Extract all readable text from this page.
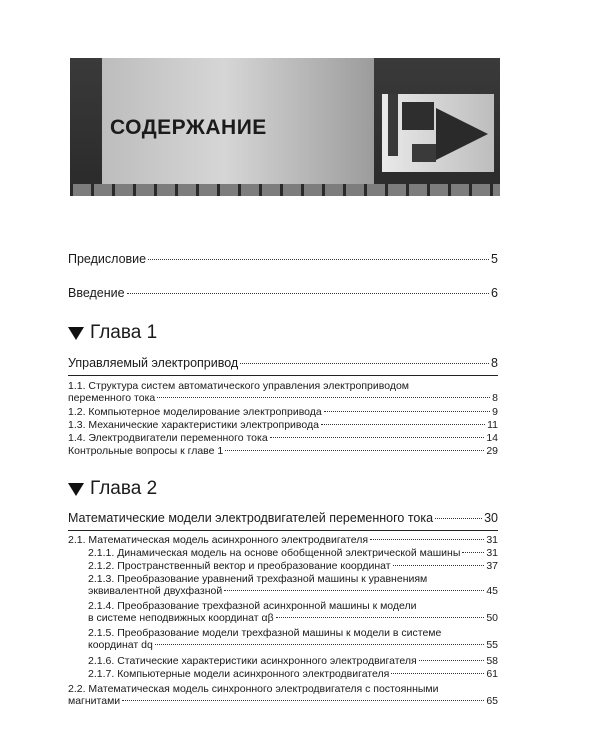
СОДЕРЖАНИЕ
Предисловие	5
Введение	6
Глава 1
Управляемый электропривод	8
1.1. Структура систем автоматического управления электроприводом
переменного тока	8
1.2. Компьютерное моделирование электропривода	9
1.3. Механические характеристики электропривода	11
1.4. Электродвигатели переменного тока	14
Контрольные вопросы к главе 1	29
Глава 2
Математические модели электродвигателей переменного тока	30
2.1. Математическая модель асинхронного электродвигателя	31
2.1.1. Динамическая модель на основе обобщенной электрической машины 31
2.1.2. Пространственный вектор и преобразование координат	37
2.1.3. Преобразование уравнений трехфазной машины к уравнениям
эквивалентной двухфазной	45
2.1.4. Преобразование трехфазной асинхронной машины к модели
в системе неподвижных координат αβ	50
2.1.5. Преобразование модели трехфазной машины к модели в системе
координат dq	55
2.1.6. Статические характеристики асинхронного электродвигателя	58
2.1.7. Компьютерные модели асинхронного электродвигателя	61
2.2. Математическая модель синхронного электродвигателя с постоянными
магнитами	65
